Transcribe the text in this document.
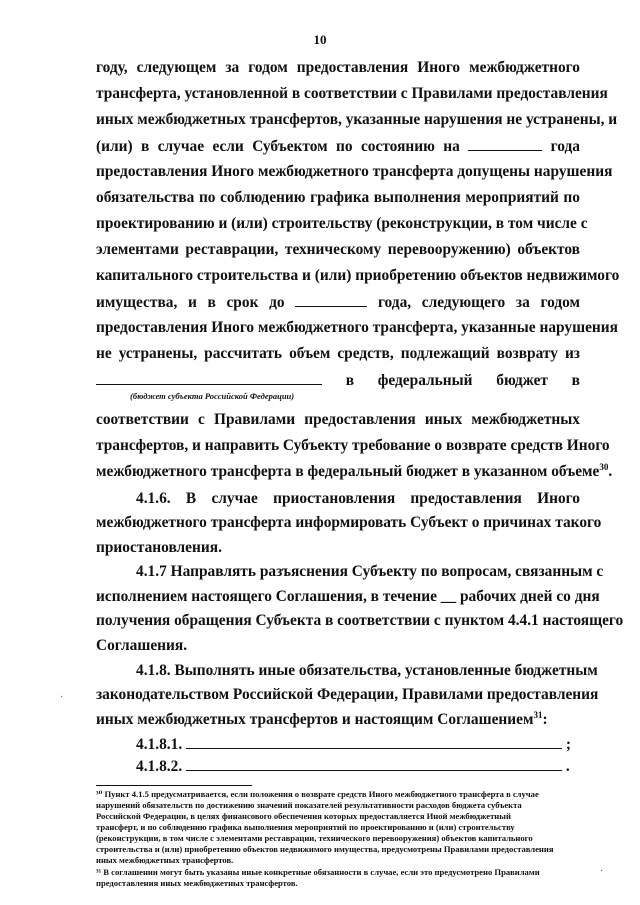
10
году, следующем за годом предоставления Иного межбюджетного
трансферта, установленной в соответствии с Правилами предоставления
иных межбюджетных трансфертов, указанные нарушения не устранены, и
(или) в случае если Субъектом по состоянию на	года
предоставления Иного межбюджетного трансферта допущены нарушения
обязательства по соблюдению графика выполнения мероприятий по
проектированию и (или) строительству (реконструкции, в том числе с
элементами реставрации, техническому перевооружению) объектов
капитального строительства и (или) приобретению объектов недвижимого
имущества, и в срок до	года, следующего за годом
предоставления Иного межбюджетного трансферта, указанные нарушения
не устранены, рассчитать объем средств, подлежащий возврату из
в федеральный бюджет в
(бюджет субъекта Российской Федерации)
соответствии с Правилами предоставления иных межбюджетных
трансфертов, и направить Субъекту требование о возврате средств Иного
межбюджетного трансферта в федеральный бюджет в указанном объеме$^{30}$.
4.1.6. В случае приостановления предоставления Иного
межбюджетного трансферта информировать Субъект о причинах такого
приостановления.
4.1.7 Направлять разъяснения Субъекту по вопросам, связанным с
исполнением настоящего Соглашения, в течение __ рабочих дней со дня
получения обращения Субъекта в соответствии с пунктом 4.4.1 настоящего
Соглашения.
4.1.8. Выполнять иные обязательства, установленные бюджетным
законодательством Российской Федерации, Правилами предоставления
иных межбюджетных трансфертов и настоящим Соглашением$^{31}$:
4.1.8.1.	;
4.1.8.2.	.
³⁰ Пункт 4.1.5 предусматривается, если положения о возврате средств Иного межбюджетного трансферта в случае
нарушений обязательств по достижению значений показателей результативности расходов бюджета субъекта
Российской Федерации, в целях финансового обеспечения которых предоставляется Иной межбюджетный
трансферт, и по соблюдению графика выполнения мероприятий по проектированию и (или) строительству
(реконструкции, в том числе с элементами реставрации, технического перевооружения) объектов капитального
строительства и (или) приобретению объектов недвижимого имущества, предусмотрены Правилами предоставления
иных межбюджетных трансфертов.
³¹ В соглашении могут быть указаны иные конкретные обязанности в случае, если это предусмотрено Правилами
предоставления иных межбюджетных трансфертов.
·
·
